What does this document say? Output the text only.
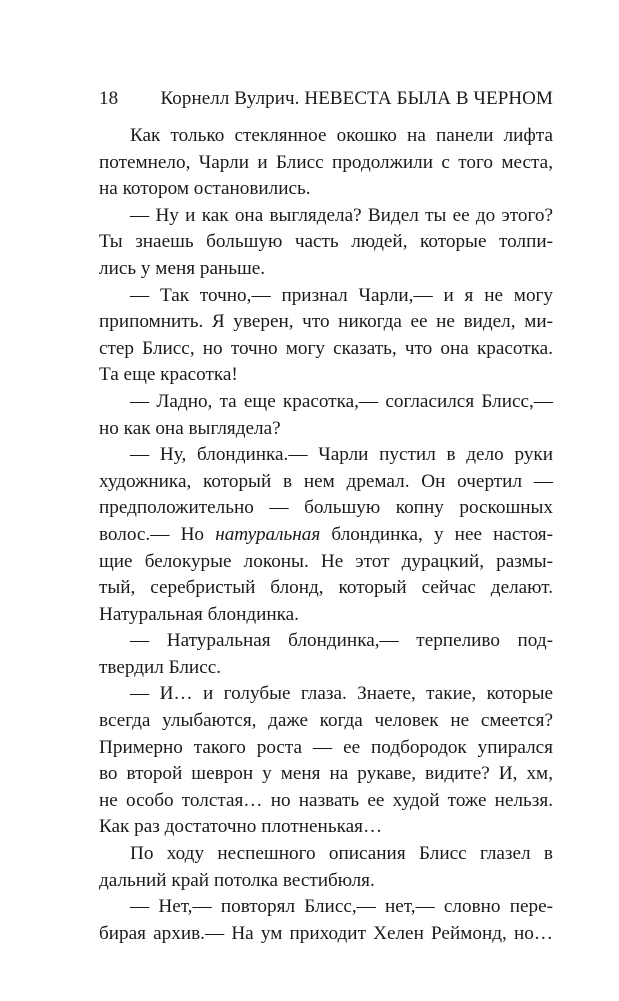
18 Корнелл Вулрич. НЕВЕСТА БЫЛА В ЧЕРНОМ

Как только стеклянное окошко на панели лифта
потемнело, Чарли и Блисс продолжили с того места,
на котором остановились.

— Ну и как она выглядела? Видел ты ее до этого?
Ты знаешь большую часть людей, которые толпи-
лись у меня раньше.

— Так точно,— признал Чарли,— и я не могу
припомнить. Я уверен, что никогда ее не видел, ми-
стер Блисс, но точно могу сказать, что она красотка.
Та еще красотка!

— Ладно, та еще красотка,— согласился Блисс,—
но как она выглядела?

— Ну, блондинка.— Чарли пустил в дело руки
художника, который в нем дремал. Он очертил —
предположительно — большую копну роскошных
волос.— Но натуральная блондинка, у нее настоя-
щие белокурые локоны. Не этот дурацкий, размы-
тый, серебристый блонд, который сейчас делают.
Натуральная блондинка.

— Натуральная блондинка,— терпеливо под-
твердил Блисс.

— И… и голубые глаза. Знаете, такие, которые
всегда улыбаются, даже когда человек не смеется?
Примерно такого роста — ее подбородок упирался
во второй шеврон у меня на рукаве, видите? И, хм,
не особо толстая… но назвать ее худой тоже нельзя.
Как раз достаточно плотненькая…

По ходу неспешного описания Блисс глазел в
дальний край потолка вестибюля.

— Нет,— повторял Блисс,— нет,— словно пере-
бирая архив.— На ум приходит Хелен Реймонд, но…
